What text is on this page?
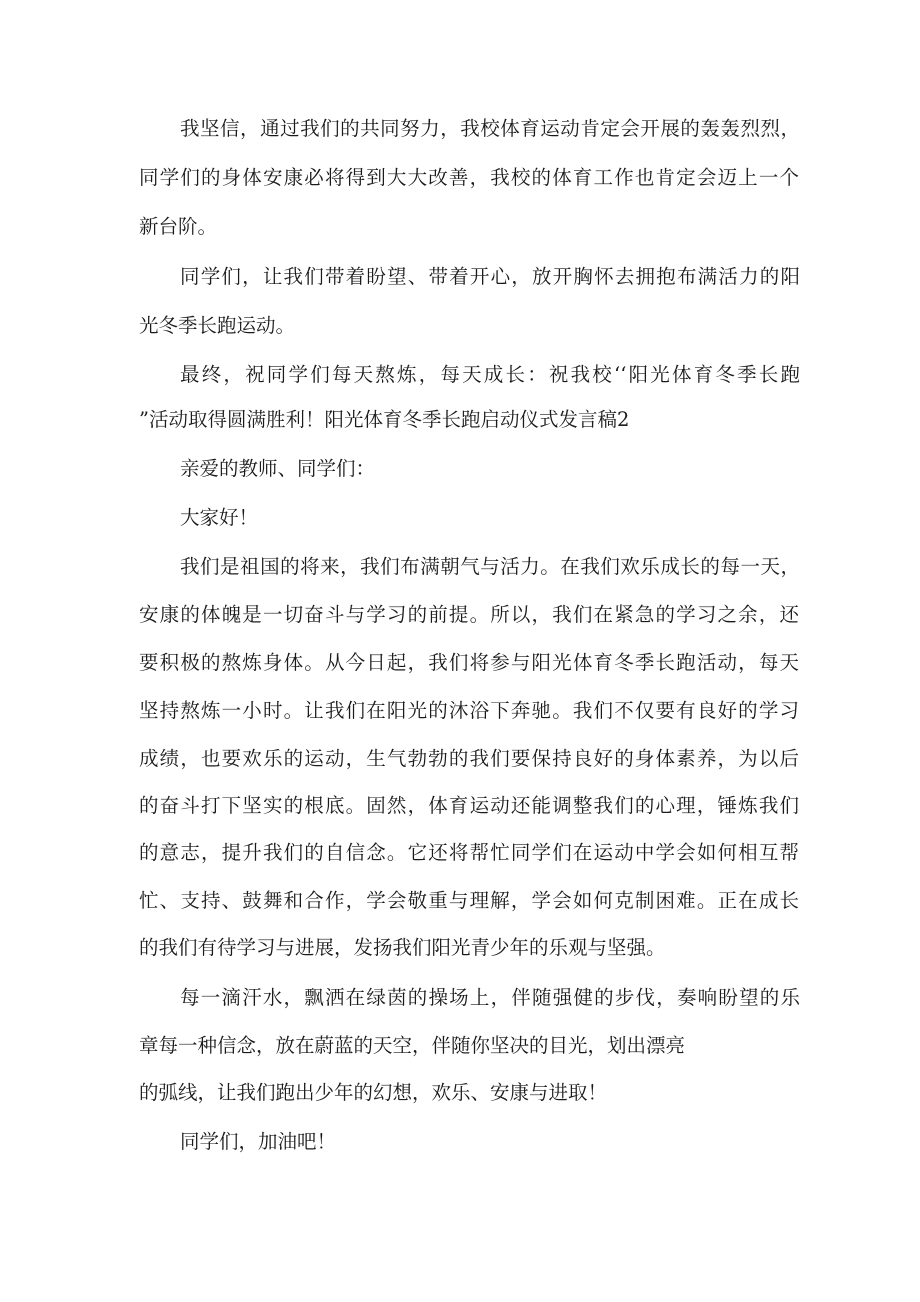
我坚信，通过我们的共同努力，我校体育运动肯定会开展的轰轰烈烈，
同学们的身体安康必将得到大大改善，我校的体育工作也肯定会迈上一个
新台阶。
同学们，让我们带着盼望、带着开心，放开胸怀去拥抱布满活力的阳
光冬季长跑运动。
最终，祝同学们每天熬炼，每天成长：祝我校‘‘阳光体育冬季长跑
”活动取得圆满胜利！阳光体育冬季长跑启动仪式发言稿2
亲爱的教师、同学们：
大家好！
我们是祖国的将来，我们布满朝气与活力。在我们欢乐成长的每一天，
安康的体魄是一切奋斗与学习的前提。所以，我们在紧急的学习之余，还
要积极的熬炼身体。从今日起，我们将参与阳光体育冬季长跑活动，每天
坚持熬炼一小时。让我们在阳光的沐浴下奔驰。我们不仅要有良好的学习
成绩，也要欢乐的运动，生气勃勃的我们要保持良好的身体素养，为以后
的奋斗打下坚实的根底。固然，体育运动还能调整我们的心理，锤炼我们
的意志，提升我们的自信念。它还将帮忙同学们在运动中学会如何相互帮
忙、支持、鼓舞和合作，学会敬重与理解，学会如何克制困难。正在成长
的我们有待学习与进展，发扬我们阳光青少年的乐观与坚强。
每一滴汗水，飘洒在绿茵的操场上，伴随强健的步伐，奏响盼望的乐
章每一种信念，放在蔚蓝的天空，伴随你坚决的目光，划出漂亮
的弧线，让我们跑出少年的幻想，欢乐、安康与进取！
同学们，加油吧！
